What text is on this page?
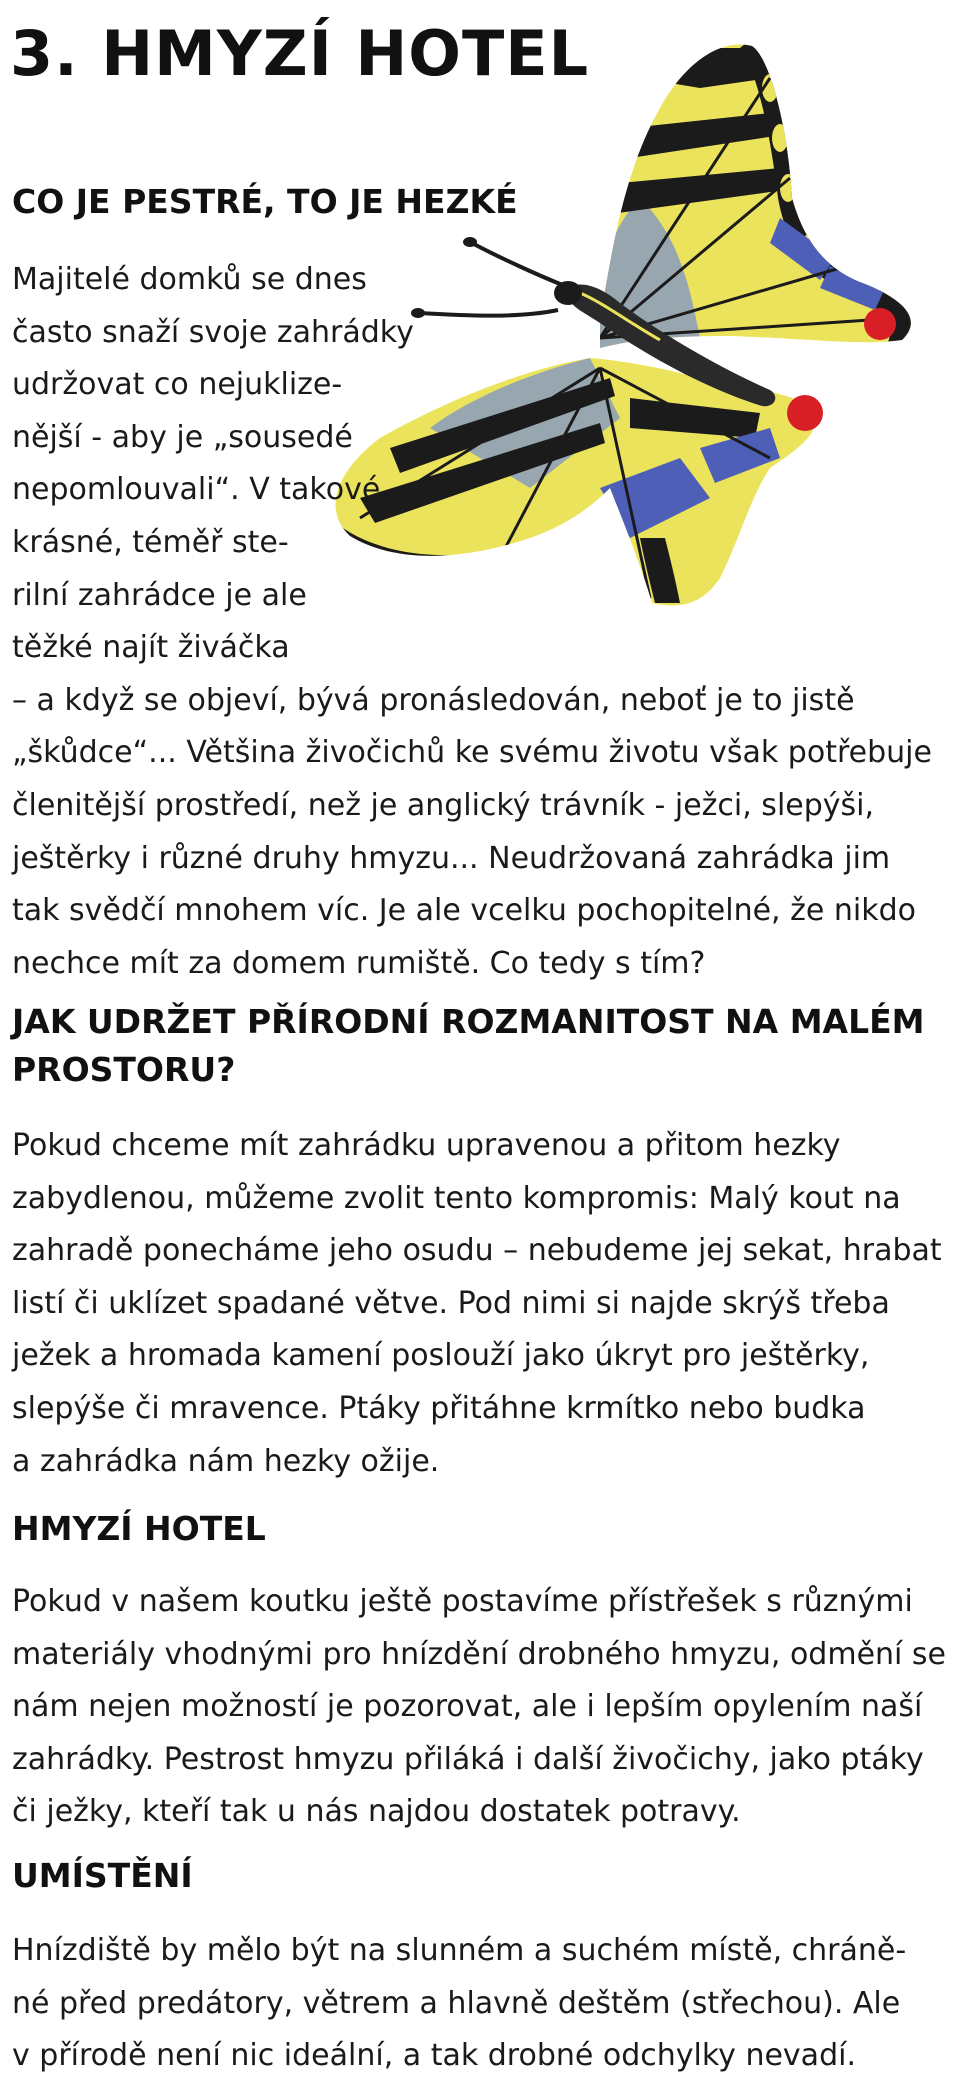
3. HMYZÍ HOTEL
CO JE PESTRÉ, TO JE HEZKÉ

Majitelé domků se dnes
často snaží svoje zahrádky
udržovat co nejuklize-
nější - aby je „sousedé
nepomlouvali“. V takové
krásné, téměř ste-
rilní zahrádce je ale
těžké najít živáčka
– a když se objeví, bývá pronásledován, neboť je to jistě
„škůdce“... Většina živočichů ke svému životu však potřebuje
členitější prostředí, než je anglický trávník - ježci, slepýši,
ještěrky i různé druhy hmyzu... Neudržovaná zahrádka jim
tak svědčí mnohem víc. Je ale vcelku pochopitelné, že nikdo
nechce mít za domem rumiště. Co tedy s tím?

JAK UDRŽET PŘÍRODNÍ ROZMANITOST NA MALÉM
PROSTORU?

Pokud chceme mít zahrádku upravenou a přitom hezky
zabydlenou, můžeme zvolit tento kompromis: Malý kout na
zahradě ponecháme jeho osudu – nebudeme jej sekat, hrabat
listí či uklízet spadané větve. Pod nimi si najde skrýš třeba
ježek a hromada kamení poslouží jako úkryt pro ještěrky,
slepýše či mravence. Ptáky přitáhne krmítko nebo budka
a zahrádka nám hezky ožije.

HMYZÍ HOTEL

Pokud v našem koutku ještě postavíme přístřešek s různými
materiály vhodnými pro hnízdění drobného hmyzu, odmění se
nám nejen možností je pozorovat, ale i lepším opylením naší
zahrádky. Pestrost hmyzu přiláká i další živočichy, jako ptáky
či ježky, kteří tak u nás najdou dostatek potravy.

UMÍSTĚNÍ

Hnízdiště by mělo být na slunném a suchém místě, chráně-
né před predátory, větrem a hlavně deštěm (střechou). Ale
v přírodě není nic ideální, a tak drobné odchylky nevadí.
